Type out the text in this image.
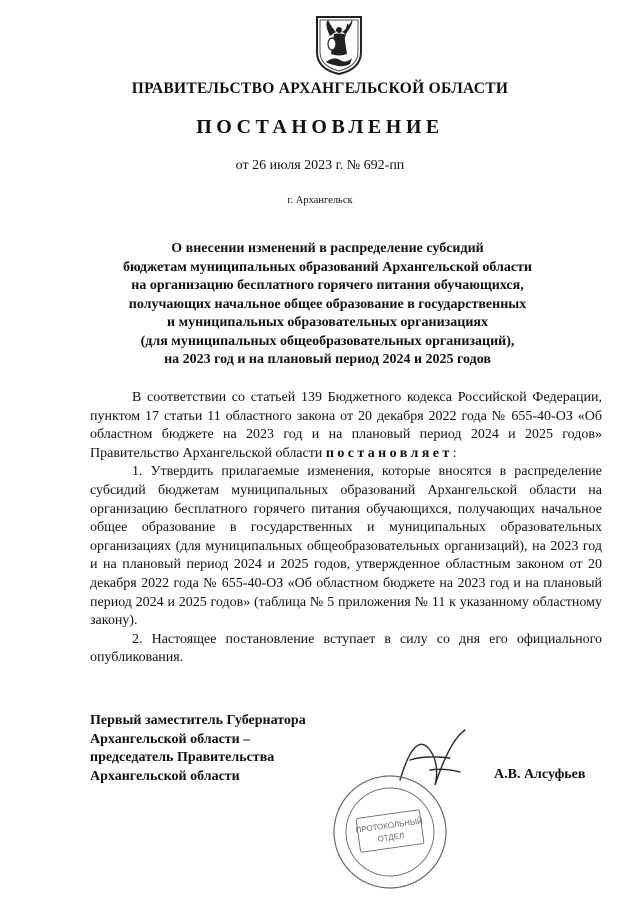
ПРАВИТЕЛЬСТВО АРХАНГЕЛЬСКОЙ ОБЛАСТИ
ПОСТАНОВЛЕНИЕ
от 26 июля 2023 г. № 692-пп
г. Архангельск
О внесении изменений в распределение субсидий
бюджетам муниципальных образований Архангельской области
на организацию бесплатного горячего питания обучающихся,
получающих начальное общее образование в государственных
и муниципальных образовательных организациях
(для муниципальных общеобразовательных организаций),
на 2023 год и на плановый период 2024 и 2025 годов

В соответствии со статьей 139 Бюджетного кодекса Российской Федерации, пунктом 17 статьи 11 областного закона от 20 декабря 2022 года № 655-40-ОЗ «Об областном бюджете на 2023 год и на плановый период 2024 и 2025 годов» Правительство Архангельской области постановляет:

1. Утвердить прилагаемые изменения, которые вносятся в распределение субсидий бюджетам муниципальных образований Архангельской области на организацию бесплатного горячего питания обучающихся, получающих начальное общее образование в государственных и муниципальных образовательных организациях (для муниципальных общеобразовательных организаций), на 2023 год и на плановый период 2024 и 2025 годов, утвержденное областным законом от 20 декабря 2022 года № 655-40-ОЗ «Об областном бюджете на 2023 год и на плановый период 2024 и 2025 годов» (таблица № 5 приложения № 11 к указанному областному закону).

2. Настоящее постановление вступает в силу со дня его официального опубликования.

Первый заместитель Губернатора
Архангельской области –
председатель Правительства
Архангельской области	А.В. Алсуфьев
ПРОТОКОЛЬНЫЙ
ОТДЕЛ
